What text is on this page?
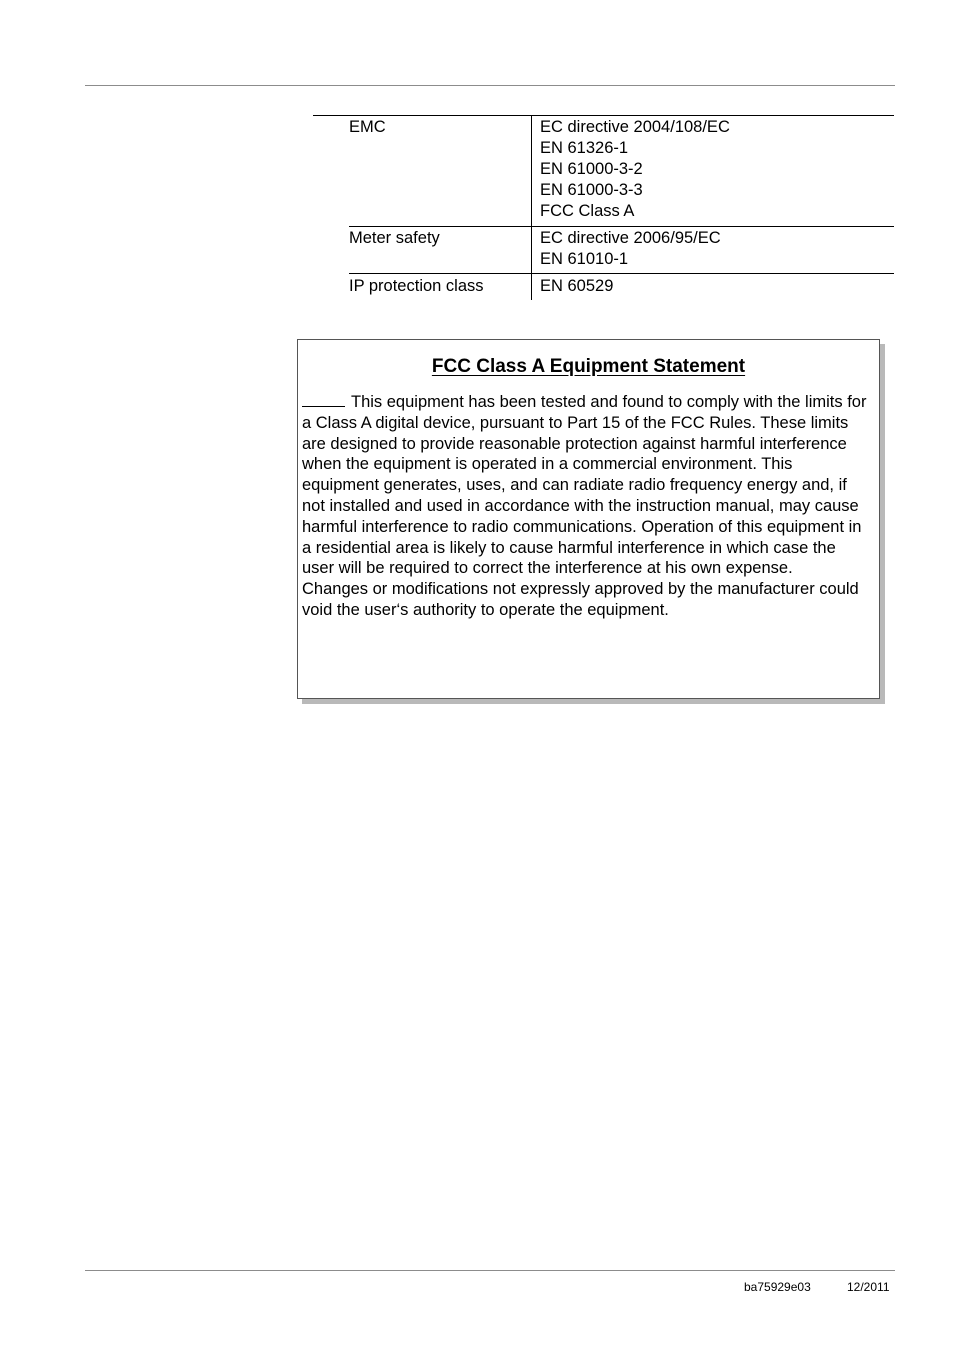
EMC	EC directive 2004/108/EC
EN 61326-1
EN 61000-3-2
EN 61000-3-3
FCC Class A
Meter safety	EC directive 2006/95/EC
EN 61010-1
IP protection class	EN 60529
FCC Class A Equipment Statement
This equipment has been tested and found to comply with the limits for a Class A digital device, pursuant to Part 15 of the FCC Rules. These limits are designed to provide reasonable protection against harmful interference when the equipment is operated in a commercial environment. This equipment generates, uses, and can radiate radio frequency energy and, if not installed and used in accordance with the instruction manual, may cause harmful interference to radio communications. Operation of this equipment in a residential area is likely to cause harmful interference in which case the user will be required to correct the interference at his own expense.
Changes or modifications not expressly approved by the manufacturer could void the user‘s authority to operate the equipment.
ba75929e03	12/2011
